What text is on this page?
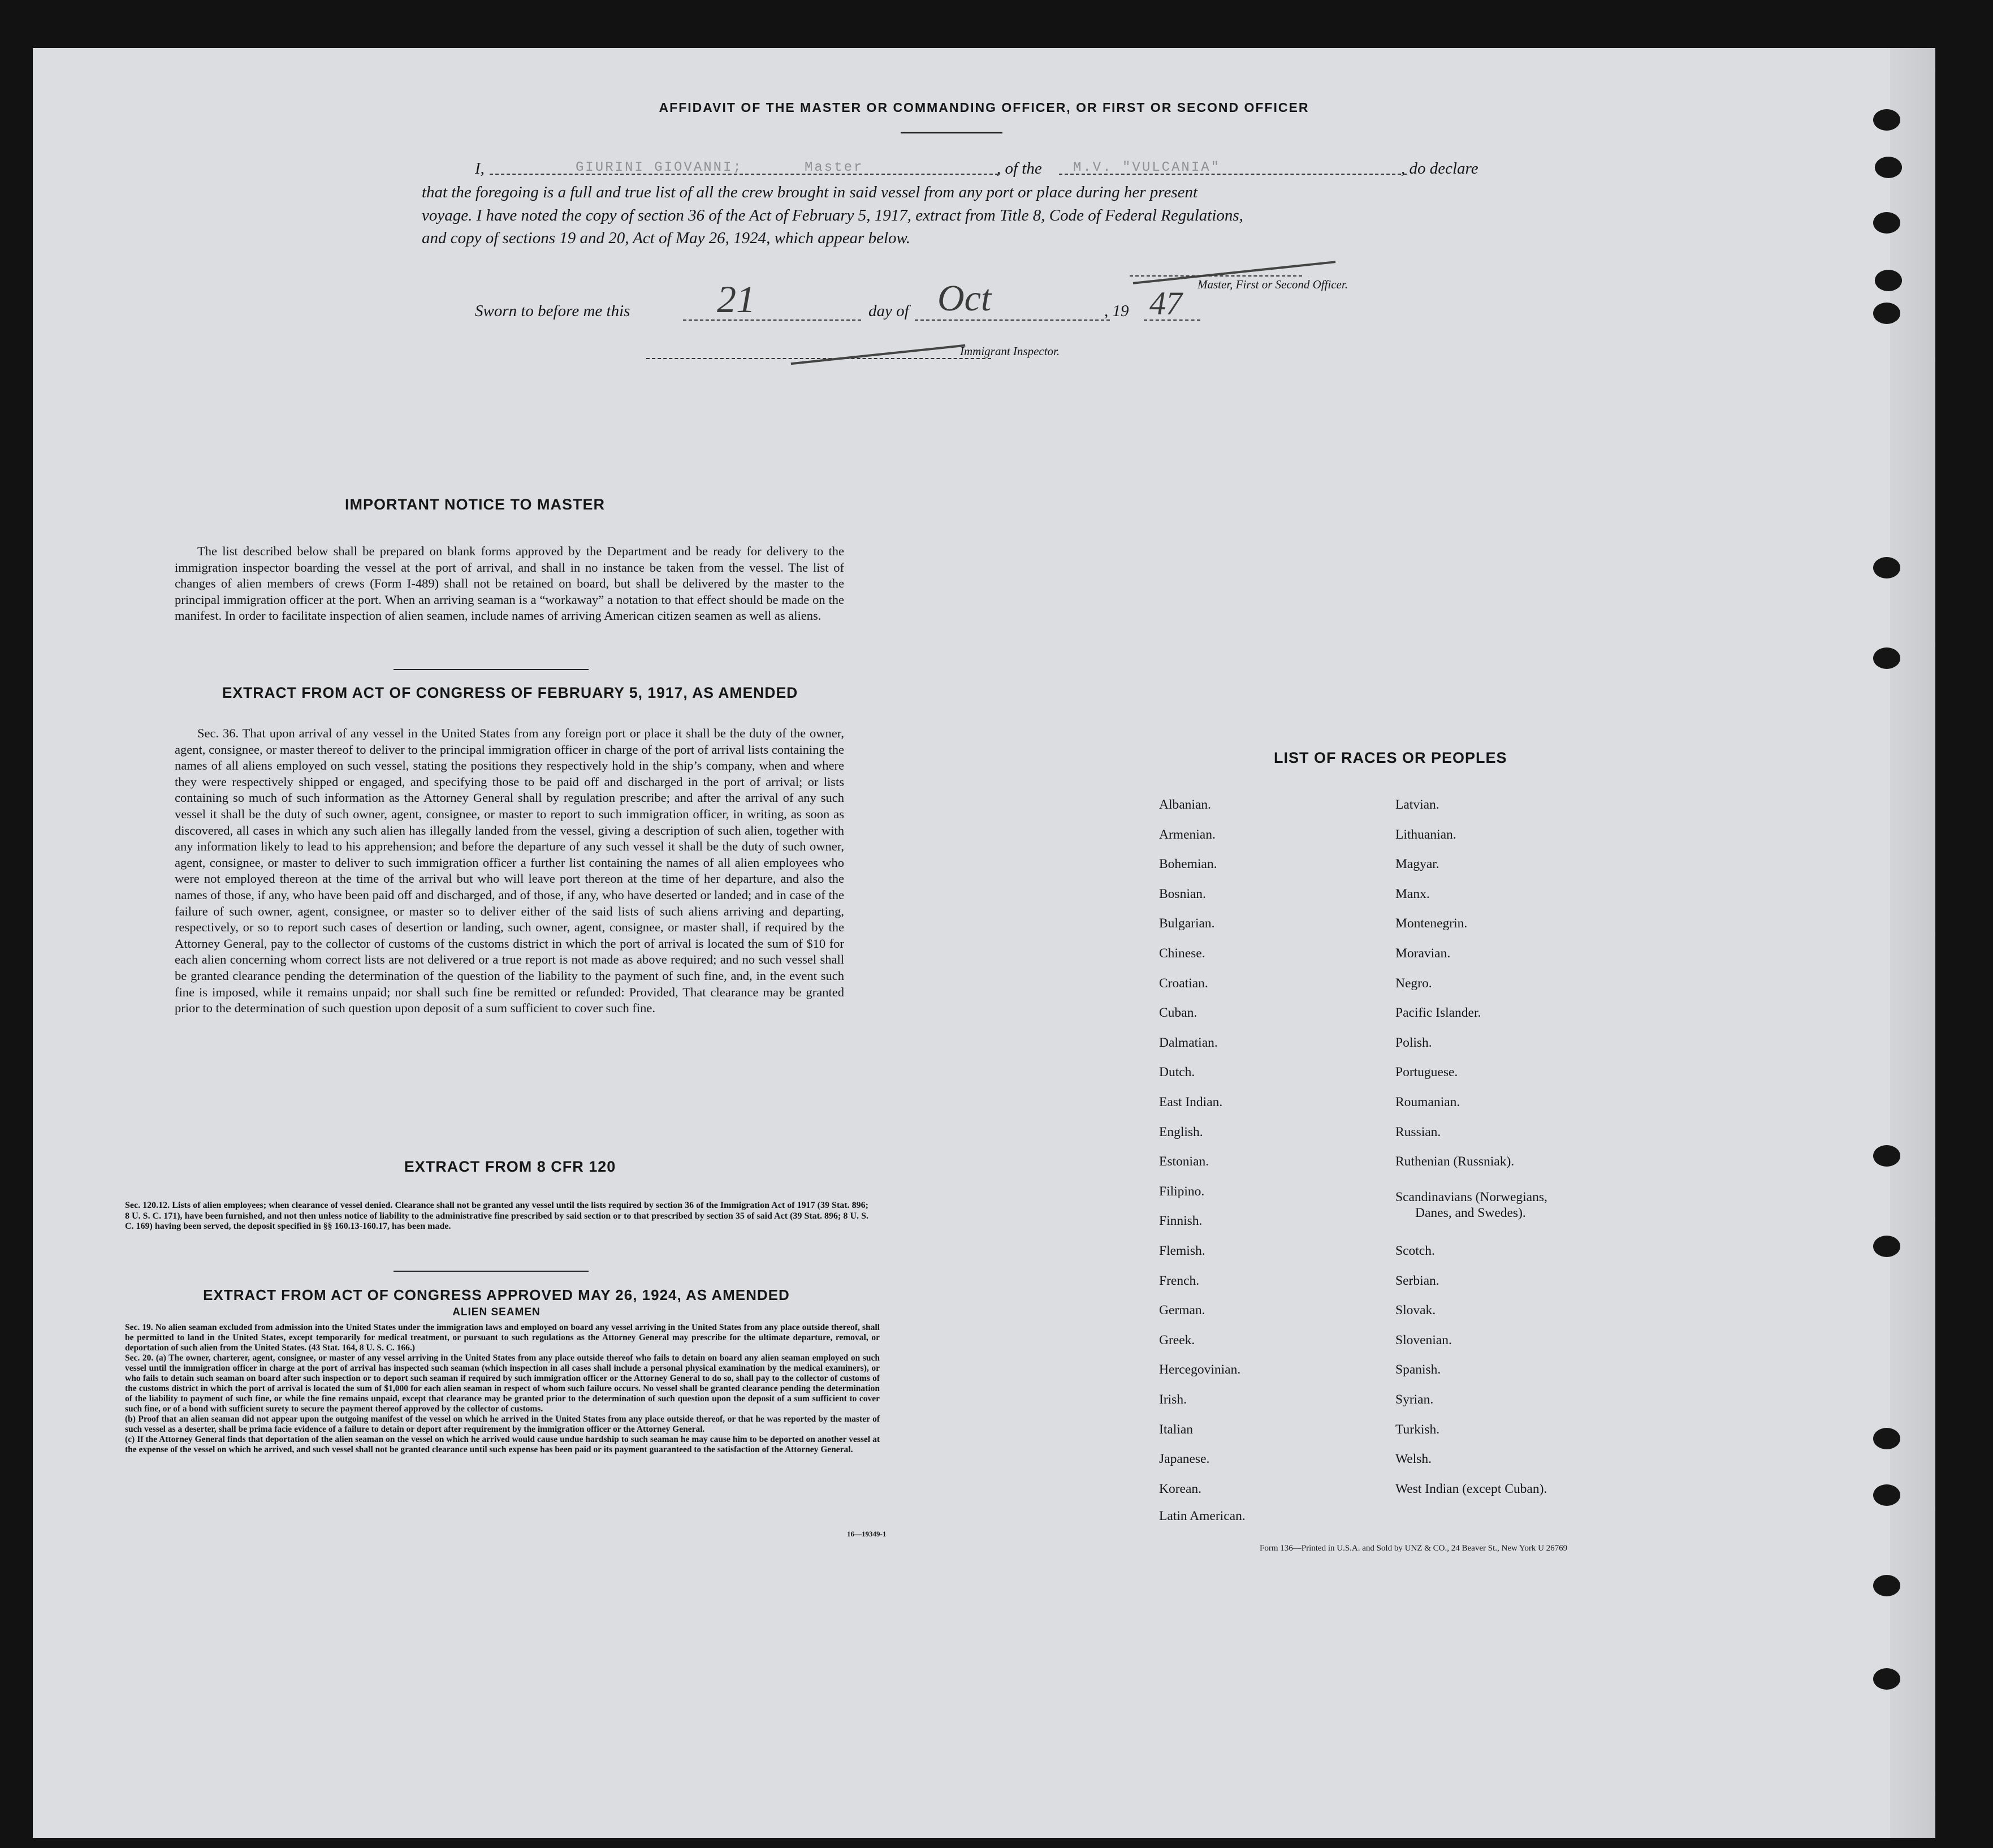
AFFIDAVIT OF THE MASTER OR COMMANDING OFFICER, OR FIRST OR SECOND OFFICER
I,	GIURINI GIOVANNI;	Master	, of the M.V. "VULCANIA"	, do declare
that the foregoing is a full and true list of all the crew brought in said vessel from any port or place during her present
voyage. I have noted the copy of section 36 of the Act of February 5, 1917, extract from Title 8, Code of Federal Regulations,
and copy of sections 19 and 20, Act of May 26, 1924, which appear below.
Master, First or Second Officer.
Sworn to before me this 21	day of Oct	, 19 47
Immigrant Inspector.
IMPORTANT NOTICE TO MASTER
The list described below shall be prepared on blank forms approved by the Department and be ready for delivery to the immigration inspector boarding the vessel at the port of arrival, and shall in no instance be taken from the vessel. The list of changes of alien members of crews (Form I-489) shall not be retained on board, but shall be delivered by the master to the principal immigration officer at the port. When an arriving seaman is a “workaway” a notation to that effect should be made on the manifest. In order to facilitate inspection of alien seamen, include names of arriving American citizen seamen as well as aliens.
EXTRACT FROM ACT OF CONGRESS OF FEBRUARY 5, 1917, AS AMENDED
Sec. 36. That upon arrival of any vessel in the United States from any foreign port or place it shall be the duty of the owner, agent, consignee, or master thereof to deliver to the principal immigration officer in charge of the port of arrival lists containing the names of all aliens employed on such vessel, stating the positions they respectively hold in the ship’s company, when and where they were respectively shipped or engaged, and specifying those to be paid off and discharged in the port of arrival; or lists containing so much of such information as the Attorney General shall by regulation prescribe; and after the arrival of any such vessel it shall be the duty of such owner, agent, consignee, or master to report to such immigration officer, in writing, as soon as discovered, all cases in which any such alien has illegally landed from the vessel, giving a description of such alien, together with any information likely to lead to his apprehension; and before the departure of any such vessel it shall be the duty of such owner, agent, consignee, or master to deliver to such immigration officer a further list containing the names of all alien employees who were not employed thereon at the time of the arrival but who will leave port thereon at the time of her departure, and also the names of those, if any, who have been paid off and discharged, and of those, if any, who have deserted or landed; and in case of the failure of such owner, agent, consignee, or master so to deliver either of the said lists of such aliens arriving and departing, respectively, or so to report such cases of desertion or landing, such owner, agent, consignee, or master shall, if required by the Attorney General, pay to the collector of customs of the customs district in which the port of arrival is located the sum of $10 for each alien concerning whom correct lists are not delivered or a true report is not made as above required; and no such vessel shall be granted clearance pending the determination of the question of the liability to the payment of such fine, and, in the event such fine is imposed, while it remains unpaid; nor shall such fine be remitted or refunded: Provided, That clearance may be granted prior to the determination of such question upon deposit of a sum sufficient to cover such fine.
EXTRACT FROM 8 CFR 120
Sec. 120.12. Lists of alien employees; when clearance of vessel denied. Clearance shall not be granted any vessel until the lists required by section 36 of the Immigration Act of 1917 (39 Stat. 896; 8 U. S. C. 171), have been furnished, and not then unless notice of liability to the administrative fine prescribed by said section or to that prescribed by section 35 of said Act (39 Stat. 896; 8 U. S. C. 169) having been served, the deposit specified in §§ 160.13-160.17, has been made.
EXTRACT FROM ACT OF CONGRESS APPROVED MAY 26, 1924, AS AMENDED
ALIEN SEAMEN
Sec. 19. No alien seaman excluded from admission into the United States under the immigration laws and employed on board any vessel arriving in the United States from any place outside thereof, shall be permitted to land in the United States, except temporarily for medical treatment, or pursuant to such regulations as the Attorney General may prescribe for the ultimate departure, removal, or deportation of such alien from the United States. (43 Stat. 164, 8 U. S. C. 166.)
Sec. 20. (a) The owner, charterer, agent, consignee, or master of any vessel arriving in the United States from any place outside thereof who fails to detain on board any alien seaman employed on such vessel until the immigration officer in charge at the port of arrival has inspected such seaman (which inspection in all cases shall include a personal physical examination by the medical examiners), or who fails to detain such seaman on board after such inspection or to deport such seaman if required by such immigration officer or the Attorney General to do so, shall pay to the collector of customs of the customs district in which the port of arrival is located the sum of $1,000 for each alien seaman in respect of whom such failure occurs. No vessel shall be granted clearance pending the determination of the liability to payment of such fine, or while the fine remains unpaid, except that clearance may be granted prior to the determination of such question upon the deposit of a sum sufficient to cover such fine, or of a bond with sufficient surety to secure the payment thereof approved by the collector of customs.
(b) Proof that an alien seaman did not appear upon the outgoing manifest of the vessel on which he arrived in the United States from any place outside thereof, or that he was reported by the master of such vessel as a deserter, shall be prima facie evidence of a failure to detain or deport after requirement by the immigration officer or the Attorney General.
(c) If the Attorney General finds that deportation of the alien seaman on the vessel on which he arrived would cause undue hardship to such seaman he may cause him to be deported on another vessel at the expense of the vessel on which he arrived, and such vessel shall not be granted clearance until such expense has been paid or its payment guaranteed to the satisfaction of the Attorney General.
16—19349-1
LIST OF RACES OR PEOPLES
Form 136—Printed in U.S.A. and Sold by UNZ & CO., 24 Beaver St., New York U 26769
Albanian.
Armenian.
Bohemian.
Bosnian.
Bulgarian.
Chinese.
Croatian.
Cuban.
Dalmatian.
Dutch.
East Indian.
English.
Estonian.
Filipino.
Finnish.
Flemish.
French.
German.
Greek.
Hercegovinian.
Irish.
Italian
Japanese.
Korean.
Latin American.
Latvian.
Lithuanian.
Magyar.
Manx.
Montenegrin.
Moravian.
Negro.
Pacific Islander.
Polish.
Portuguese.
Roumanian.
Russian.
Ruthenian (Russniak).
Scandinavians (Norwegians,
Danes, and Swedes).
Scotch.
Serbian.
Slovak.
Slovenian.
Spanish.
Syrian.
Turkish.
Welsh.
West Indian (except Cuban).
